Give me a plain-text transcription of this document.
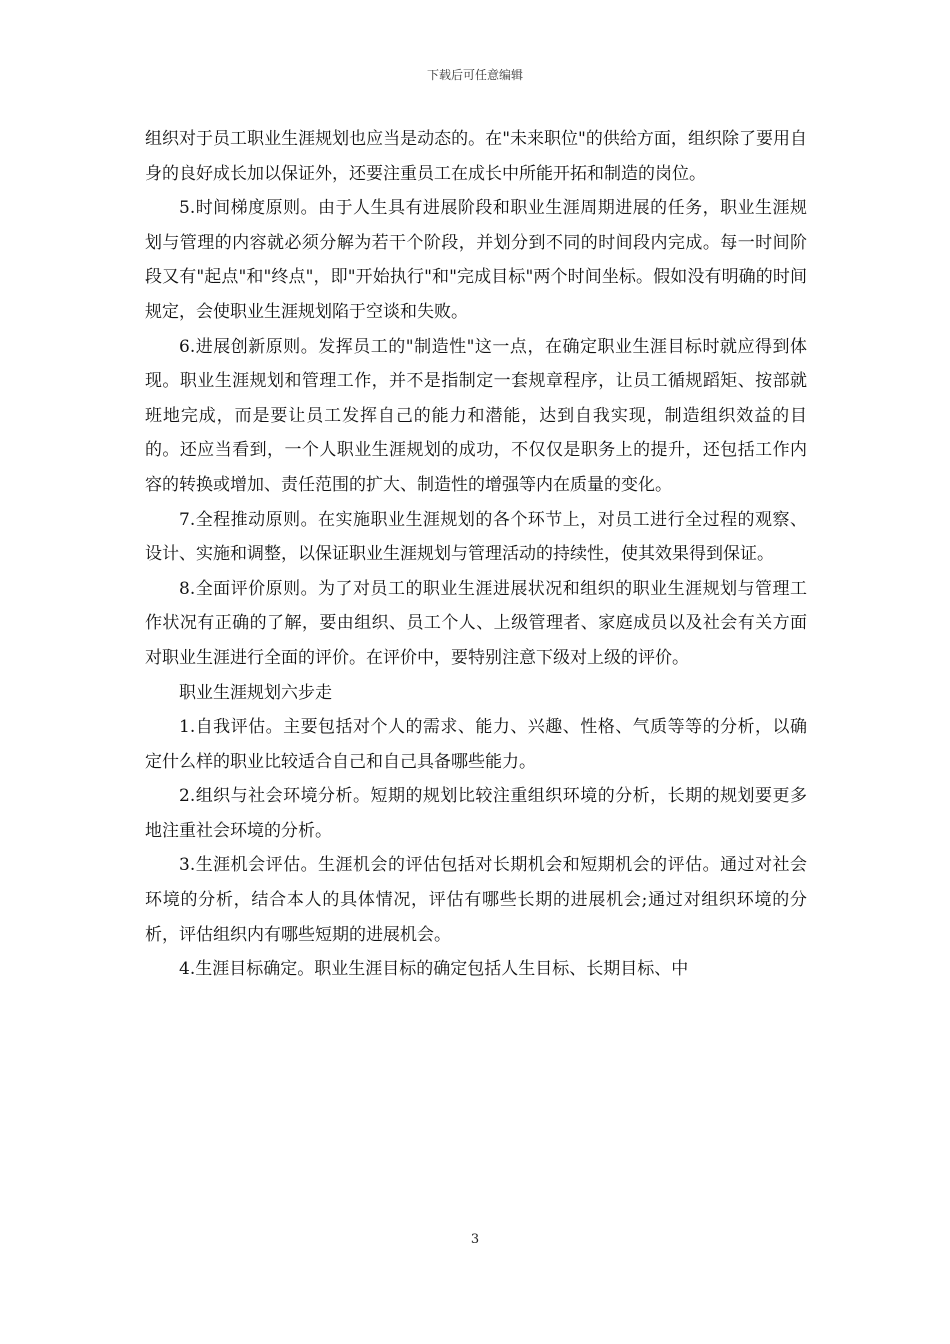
下载后可任意编辑

组织对于员工职业生涯规划也应当是动态的。在"未来职位"的供给方面，组织除了要用自身的良好成长加以保证外，还要注重员工在成长中所能开拓和制造的岗位。

5.时间梯度原则。由于人生具有进展阶段和职业生涯周期进展的任务，职业生涯规划与管理的内容就必须分解为若干个阶段，并划分到不同的时间段内完成。每一时间阶段又有"起点"和"终点"，即"开始执行"和"完成目标"两个时间坐标。假如没有明确的时间规定，会使职业生涯规划陷于空谈和失败。

6.进展创新原则。发挥员工的"制造性"这一点，在确定职业生涯目标时就应得到体现。职业生涯规划和管理工作，并不是指制定一套规章程序，让员工循规蹈矩、按部就班地完成，而是要让员工发挥自己的能力和潜能，达到自我实现，制造组织效益的目的。还应当看到，一个人职业生涯规划的成功，不仅仅是职务上的提升，还包括工作内容的转换或增加、责任范围的扩大、制造性的增强等内在质量的变化。

7.全程推动原则。在实施职业生涯规划的各个环节上，对员工进行全过程的观察、设计、实施和调整，以保证职业生涯规划与管理活动的持续性，使其效果得到保证。

8.全面评价原则。为了对员工的职业生涯进展状况和组织的职业生涯规划与管理工作状况有正确的了解，要由组织、员工个人、上级管理者、家庭成员以及社会有关方面对职业生涯进行全面的评价。在评价中，要特别注意下级对上级的评价。

职业生涯规划六步走

1.自我评估。主要包括对个人的需求、能力、兴趣、性格、气质等等的分析，以确定什么样的职业比较适合自己和自己具备哪些能力。

2.组织与社会环境分析。短期的规划比较注重组织环境的分析，长期的规划要更多地注重社会环境的分析。

3.生涯机会评估。生涯机会的评估包括对长期机会和短期机会的评估。通过对社会环境的分析，结合本人的具体情况，评估有哪些长期的进展机会;通过对组织环境的分析，评估组织内有哪些短期的进展机会。

4.生涯目标确定。职业生涯目标的确定包括人生目标、长期目标、中

3
